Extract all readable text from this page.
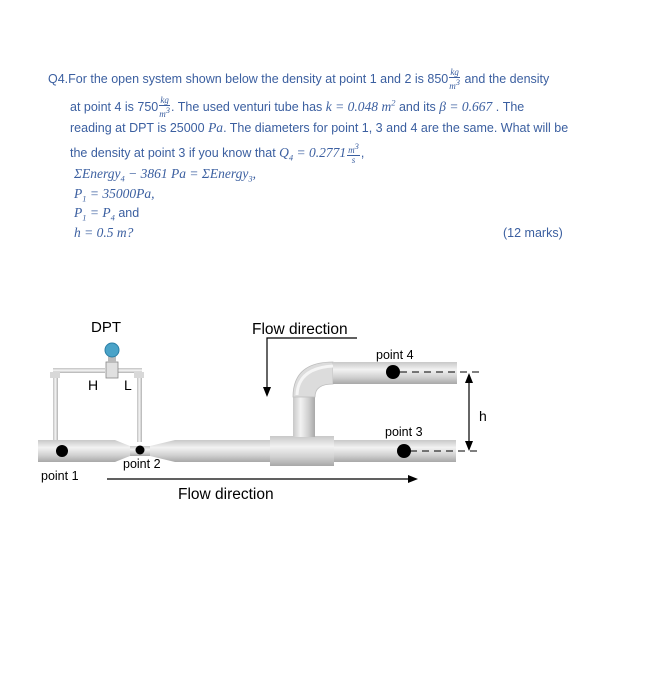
Q4.For the open system shown below the density at point 1 and 2 is $850 \frac{kg}{m^3}$ and the density
at point 4 is $750 \frac{kg}{m^3}$ . The used venturi tube has k = 0.048 $m^2$ and its β = 0.667 . The
reading at DPT is 25000 Pa. The diameters for point 1, 3 and 4 are the same. What will be
the density at point 3 if you know that $Q_4 = 0.2771 \frac{m^3}{s}$ ,
ΣEnergy$_4$ − 3861 Pa = ΣEnergy$_3$,
$P_1 = 35000Pa$,
$P_1 = P_4$ and
h = 0.5 m?	(12 marks)
DPT
H L
Flow direction
Flow direction
point 1
point 2
point 3
point 4
h
